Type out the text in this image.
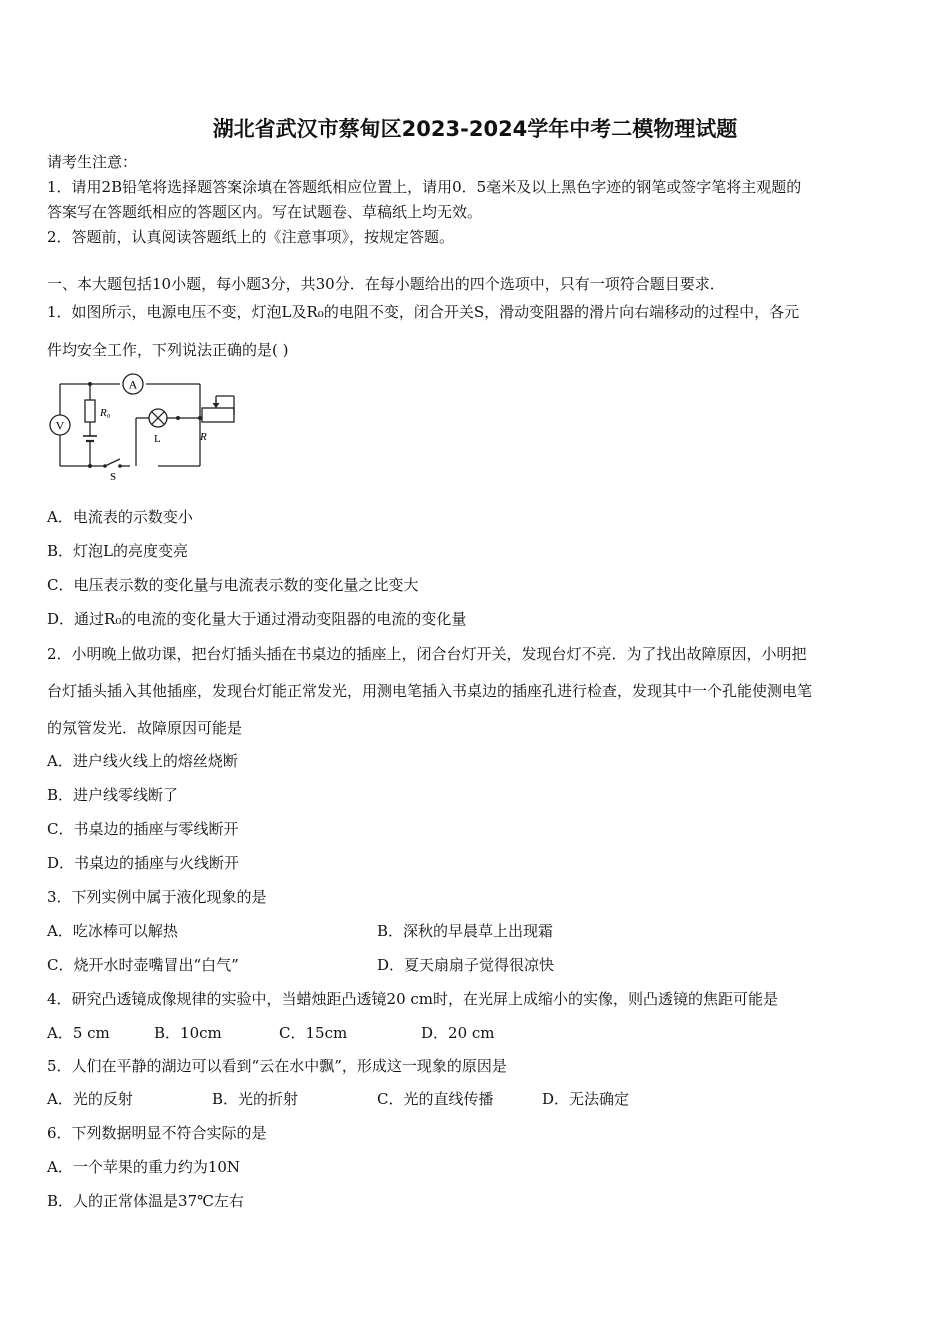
湖北省武汉市蔡甸区2023-2024学年中考二模物理试题
请考生注意：
1．请用2B铅笔将选择题答案涂填在答题纸相应位置上，请用0．5毫米及以上黑色字迹的钢笔或签字笔将主观题的
答案写在答题纸相应的答题区内。写在试题卷、草稿纸上均无效。
2．答题前，认真阅读答题纸上的《注意事项》，按规定答题。
一、本大题包括10小题，每小题3分，共30分．在每小题给出的四个选项中，只有一项符合题目要求．
1．如图所示，电源电压不变，灯泡L及R₀的电阻不变，闭合开关S，滑动变阻器的滑片向右端移动的过程中，各元
件均安全工作，下列说法正确的是( )
A
V
R₀
L	R
S
A．电流表的示数变小
B．灯泡L的亮度变亮
C．电压表示数的变化量与电流表示数的变化量之比变大
D．通过R₀的电流的变化量大于通过滑动变阻器的电流的变化量
2．小明晚上做功课，把台灯插头插在书桌边的插座上，闭合台灯开关，发现台灯不亮．为了找出故障原因，小明把
台灯插头插入其他插座，发现台灯能正常发光，用测电笔插入书桌边的插座孔进行检查，发现其中一个孔能使测电笔
的氖管发光．故障原因可能是
A．进户线火线上的熔丝烧断
B．进户线零线断了
C．书桌边的插座与零线断开
D．书桌边的插座与火线断开
3．下列实例中属于液化现象的是
A．吃冰棒可以解热	B．深秋的早晨草上出现霜
C．烧开水时壶嘴冒出“白气”	D．夏天扇扇子觉得很凉快
4．研究凸透镜成像规律的实验中，当蜡烛距凸透镜20 cm时，在光屏上成缩小的实像，则凸透镜的焦距可能是
A．5 cm	B．10cm	C．15cm	D．20 cm
5．人们在平静的湖边可以看到“云在水中飘”，形成这一现象的原因是
A．光的反射	B．光的折射	C．光的直线传播	D．无法确定
6．下列数据明显不符合实际的是
A．一个苹果的重力约为10N
B．人的正常体温是37℃左右
